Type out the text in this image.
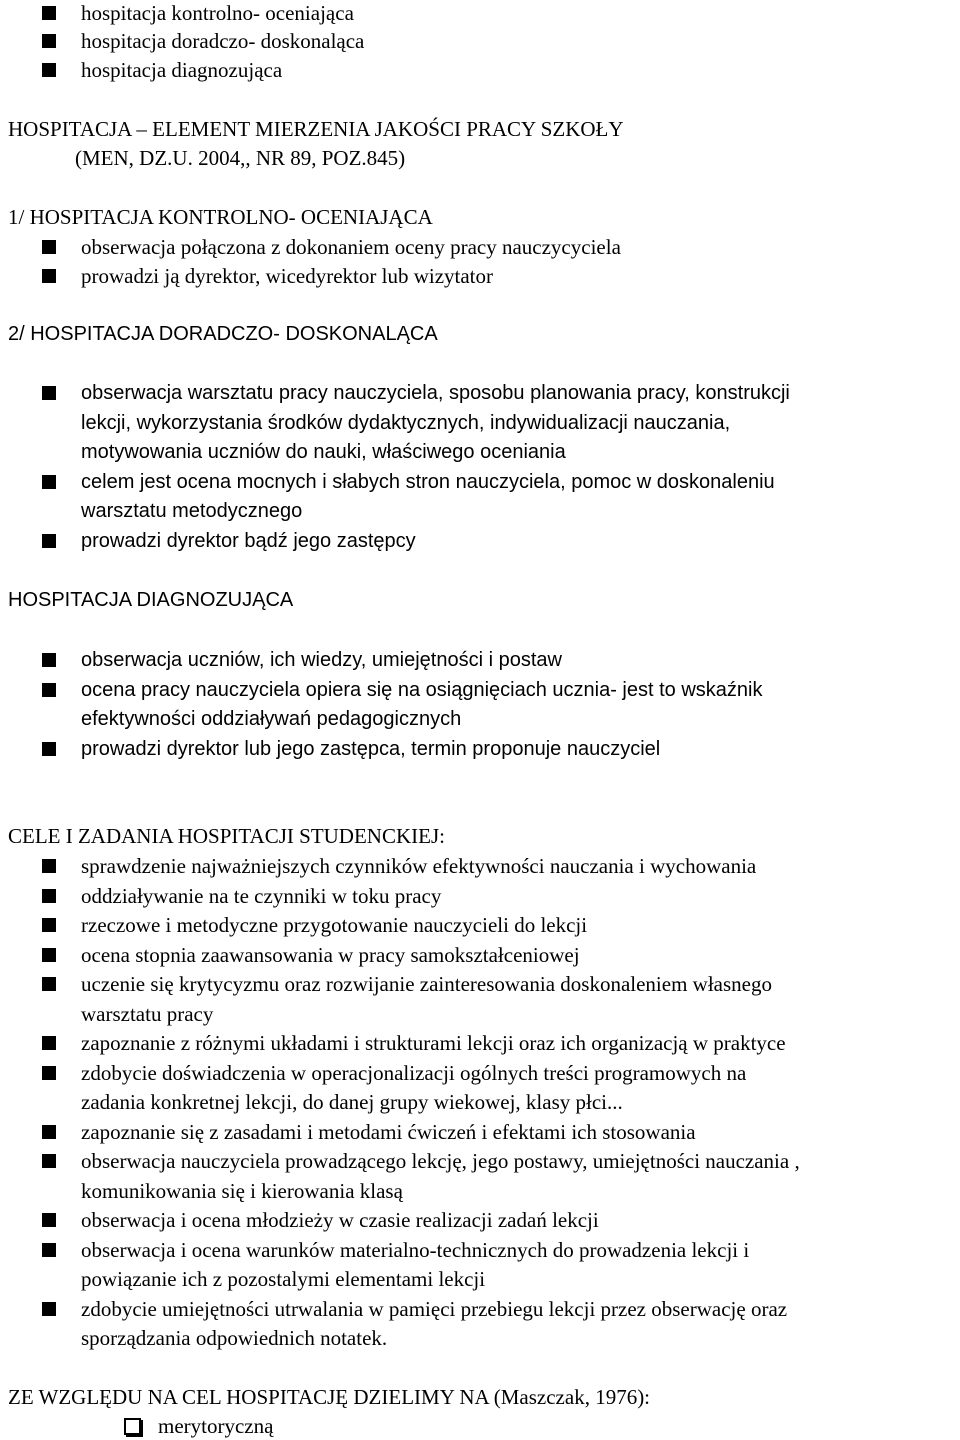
hospitacja kontrolno- oceniająca
hospitacja doradczo- doskonaląca
hospitacja diagnozująca
HOSPITACJA – ELEMENT MIERZENIA JAKOŚCI PRACY SZKOŁY
(MEN, DZ.U. 2004,, NR 89, POZ.845)
1/ HOSPITACJA KONTROLNO- OCENIAJĄCA
obserwacja połączona z dokonaniem oceny pracy nauczycyciela
prowadzi ją dyrektor, wicedyrektor lub wizytator
2/ HOSPITACJA DORADCZO- DOSKONALĄCA
obserwacja warsztatu pracy nauczyciela, sposobu planowania pracy, konstrukcji
lekcji, wykorzystania środków dydaktycznych, indywidualizacji nauczania,
motywowania uczniów do nauki, właściwego oceniania
celem jest ocena mocnych i słabych stron nauczyciela, pomoc w doskonaleniu
warsztatu metodycznego
prowadzi dyrektor bądź jego zastępcy
HOSPITACJA DIAGNOZUJĄCA
obserwacja uczniów, ich wiedzy, umiejętności i postaw
ocena pracy nauczyciela opiera się na osiągnięciach ucznia- jest to wskaźnik
efektywności oddziaływań pedagogicznych
prowadzi dyrektor lub jego zastępca, termin proponuje nauczyciel
CELE I ZADANIA HOSPITACJI STUDENCKIEJ:
sprawdzenie najważniejszych czynników efektywności nauczania i wychowania
oddziaływanie na te czynniki w toku pracy
rzeczowe i metodyczne przygotowanie nauczycieli do lekcji
ocena stopnia zaawansowania w pracy samokształceniowej
uczenie się krytycyzmu oraz rozwijanie zainteresowania doskonaleniem własnego
warsztatu pracy
zapoznanie z różnymi układami i strukturami lekcji oraz ich organizacją w praktyce
zdobycie doświadczenia w operacjonalizacji ogólnych treści programowych na
zadania konkretnej lekcji, do danej grupy wiekowej, klasy płci...
zapoznanie się z zasadami i metodami ćwiczeń i efektami ich stosowania
obserwacja nauczyciela prowadzącego lekcję, jego postawy, umiejętności nauczania ,
komunikowania się i kierowania klasą
obserwacja i ocena młodzieży w czasie realizacji zadań lekcji
obserwacja i ocena warunków materialno-technicznych do prowadzenia lekcji i
powiązanie ich z pozostalymi elementami lekcji
zdobycie umiejętności utrwalania w pamięci przebiegu lekcji przez obserwację oraz
sporządzania odpowiednich notatek.
ZE WZGLĘDU NA CEL HOSPITACJĘ DZIELIMY NA (Maszczak, 1976):
merytoryczną
